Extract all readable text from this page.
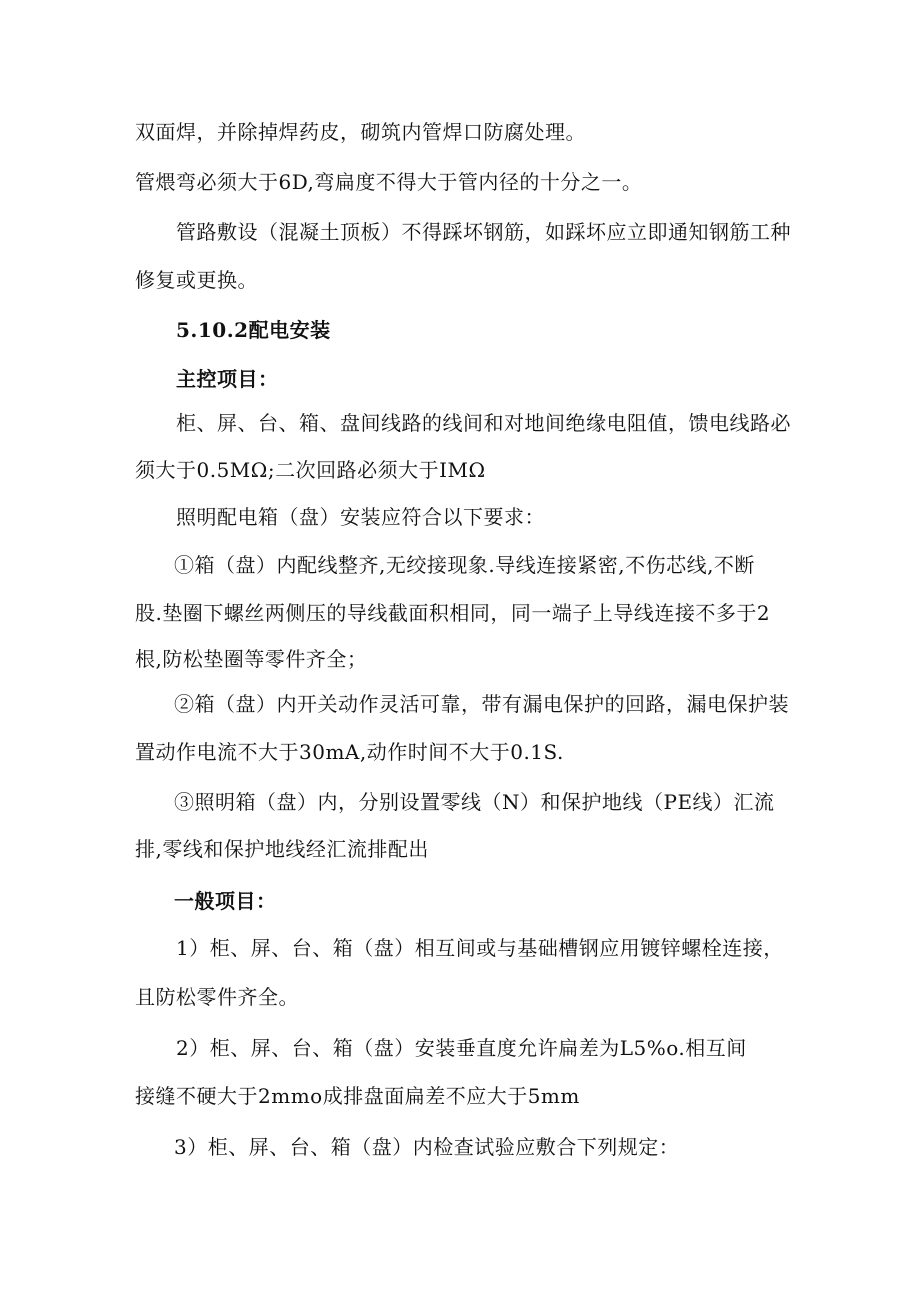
双面焊，并除掉焊药皮，砌筑内管焊口防腐处理。
管煨弯必须大于6D,弯扁度不得大于管内径的十分之一。
管路敷设（混凝土顶板）不得踩坏钢筋，如踩坏应立即通知钢筋工种
修复或更换。
5.10.2配电安装
主控项目：
柜、屏、台、箱、盘间线路的线间和对地间绝缘电阻值，馈电线路必
须大于0.5MΩ;二次回路必须大于IMΩ
照明配电箱（盘）安装应符合以下要求：
①箱（盘）内配线整齐,无绞接现象.导线连接紧密,不伤芯线,不断
股.垫圈下螺丝两侧压的导线截面积相同，同一端子上导线连接不多于2
根,防松垫圈等零件齐全；
②箱（盘）内开关动作灵活可靠，带有漏电保护的回路，漏电保护装
置动作电流不大于30mA,动作时间不大于0.1S.
③照明箱（盘）内，分别设置零线（N）和保护地线（PE线）汇流
排,零线和保护地线经汇流排配出
一般项目：
1）柜、屏、台、箱（盘）相互间或与基础槽钢应用镀锌螺栓连接，
且防松零件齐全。
2）柜、屏、台、箱（盘）安装垂直度允许扁差为L5%o.相互间
接缝不硬大于2mmo成排盘面扁差不应大于5mm
3）柜、屏、台、箱（盘）内检查试验应敷合下列规定：
